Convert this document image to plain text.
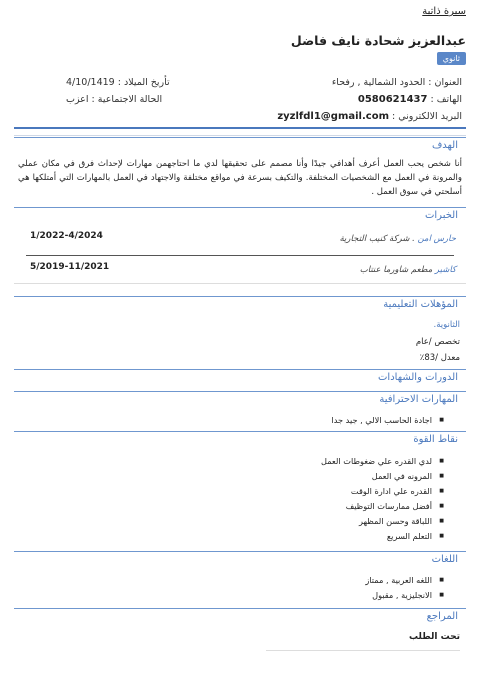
سيرة ذاتية
عبدالعزيز شحادة نايف فاضل
ثانوي
العنوان : الحدود الشمالية , رفحاء
تأريخ الميلاد : 4/10/1419
الهاتف : 0580621437
الحالة الاجتماعية : اعزب
البريد الالكتروني : zyzlfdl1@gmail.com
الهدف
أنا شخص يحب العمل أعرف أهدافي جيدًا وأنا مصمم على تحقيقها لدي ما احتاجهمن مهارات لإحداث فرق في مكان عملي والمرونة في العمل مع الشخصيات المختلفة. والتكيف بسرعة في مواقع مختلفة والاجتهاد في العمل بالمهارات التي أمتلكها هي أسلحتي في سوق العمل .
الخبرات
حارس امن . شركة كنيب التجارية
1/2022-4/2024
كاشير مطعم شاورما عنتاب
5/2019-11/2021
المؤهلات التعليمية
الثانوية.
تخصص /عام
معدل /83٪
الدورات والشهادات
المهارات الاحترافية
■ اجادة الحاسب الالي , جيد جدا
نقاط القوة
■ لدي القدره علي ضغوطات العمل
■ المرونه في العمل
■ القدره علي ادارة الوقت
■ أفضل ممارسات التوظيف
■ اللباقة وحسن المظهر
■ التعلم السريع
اللغات
■ اللغه العربية , ممتاز
■ الانجليزية , مقبول
المراجع
تحت الطلب
